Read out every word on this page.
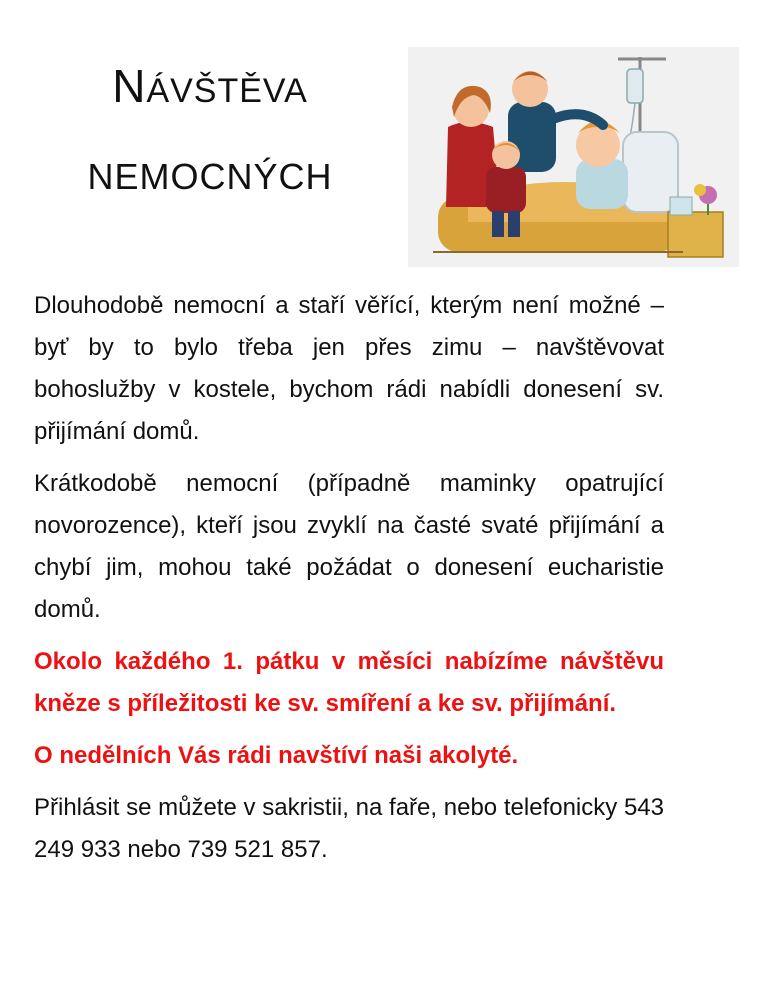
NÁVŠTĚVA
NEMOCNÝCH

Dlouhodobě nemocní a staří věřící, kterým není možné – byť by to bylo třeba jen přes zimu – navštěvovat bohoslužby v kostele, bychom rádi nabídli donesení sv. přijímání domů.

Krátkodobě nemocní (případně maminky opatrující novorozence), kteří jsou zvyklí na časté svaté přijímání a chybí jim, mohou také požádat o donesení eucharistie domů.

Okolo každého 1. pátku v měsíci nabízíme návštěvu kněze s příležitosti ke sv. smíření a ke sv. přijímání.

O nedělních Vás rádi navštíví naši akolyté.

Přihlásit se můžete v sakristii, na faře, nebo telefonicky 543 249 933 nebo 739 521 857.
